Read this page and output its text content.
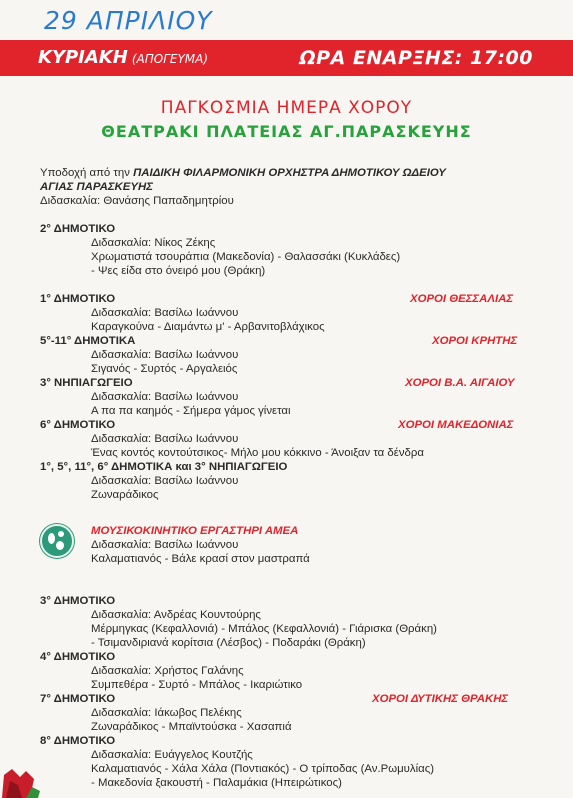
29 ΑΠΡΙΛΙΟΥ
ΚΥΡΙΑΚΗ (ΑΠΟΓΕΥΜΑ)	ΩΡΑ ΕΝΑΡΞΗΣ: 17:00
ΠΑΓΚΟΣΜΙΑ ΗΜΕΡΑ ΧΟΡΟΥ
ΘΕΑΤΡΑΚΙ ΠΛΑΤΕΙΑΣ ΑΓ.ΠΑΡΑΣΚΕΥΗΣ
Υποδοχή από την ΠΑΙΔΙΚΗ ΦΙΛΑΡΜΟΝΙΚΗ ΟΡΧΗΣΤΡΑ ΔΗΜΟΤΙΚΟΥ ΩΔΕΙΟΥ
ΑΓΙΑΣ ΠΑΡΑΣΚΕΥΗΣ
Διδασκαλία: Θανάσης Παπαδημητρίου
2° ΔΗΜΟΤΙΚΟ
Διδασκαλία: Νίκος Ζέκης
Χρωματιστά τσουράπια (Μακεδονία) - Θαλασσάκι (Κυκλάδες)
- Ψες είδα στο όνειρό μου (Θράκη)
1° ΔΗΜΟΤΙΚΟ	ΧΟΡΟΙ ΘΕΣΣΑΛΙΑΣ
Διδασκαλία: Βασίλω Ιωάννου
Καραγκούνα - Διαμάντω μ' - Αρβανιτοβλάχικος
5°-11° ΔΗΜΟΤΙΚΑ	ΧΟΡΟΙ ΚΡΗΤΗΣ
Διδασκαλία: Βασίλω Ιωάννου
Σιγανός - Συρτός - Αργαλειός
3° ΝΗΠΙΑΓΩΓΕΙΟ	ΧΟΡΟΙ Β.Α. ΑΙΓΑΙΟΥ
Διδασκαλία: Βασίλω Ιωάννου
Α πα πα καημός - Σήμερα γάμος γίνεται
6° ΔΗΜΟΤΙΚΟ	ΧΟΡΟΙ ΜΑΚΕΔΟΝΙΑΣ
Διδασκαλία: Βασίλω Ιωάννου
Ένας κοντός κοντούτσικος- Μήλο μου κόκκινο - Άνοιξαν τα δένδρα
1°, 5°, 11°, 6° ΔΗΜΟΤΙΚΑ και 3° ΝΗΠΙΑΓΩΓΕΙΟ
Διδασκαλία: Βασίλω Ιωάννου
Ζωναράδικος
ΜΟΥΣΙΚΟΚΙΝΗΤΙΚΟ ΕΡΓΑΣΤΗΡΙ ΑΜΕΑ
Διδασκαλία: Βασίλω Ιωάννου
Καλαματιανός - Βάλε κρασί στον μαστραπά
3° ΔΗΜΟΤΙΚΟ
Διδασκαλία: Ανδρέας Κουντούρης
Μέρμηγκας (Κεφαλλονιά) - Μπάλος (Κεφαλλονιά) - Γιάρισκα (Θράκη)
- Τσιμανδιριανά κορίτσια (Λέσβος) - Ποδαράκι (Θράκη)
4° ΔΗΜΟΤΙΚΟ
Διδασκαλία: Χρήστος Γαλάνης
Συμπεθέρα - Συρτό - Μπάλος - Ικαριώτικο
7° ΔΗΜΟΤΙΚΟ	ΧΟΡΟΙ ΔΥΤΙΚΗΣ ΘΡΑΚΗΣ
Διδασκαλία: Ιάκωβος Πελέκης
Ζωναράδικος - Μπαϊντούσκα - Χασαπιά
8° ΔΗΜΟΤΙΚΟ
Διδασκαλία: Ευάγγελος Κουτζής
Καλαματιανός - Χάλα Χάλα (Ποντιακός) - Ο τρίποδας (Αν.Ρωμυλίας)
- Μακεδονία ξακουστή - Παλαμάκια (Ηπειρώτικος)
